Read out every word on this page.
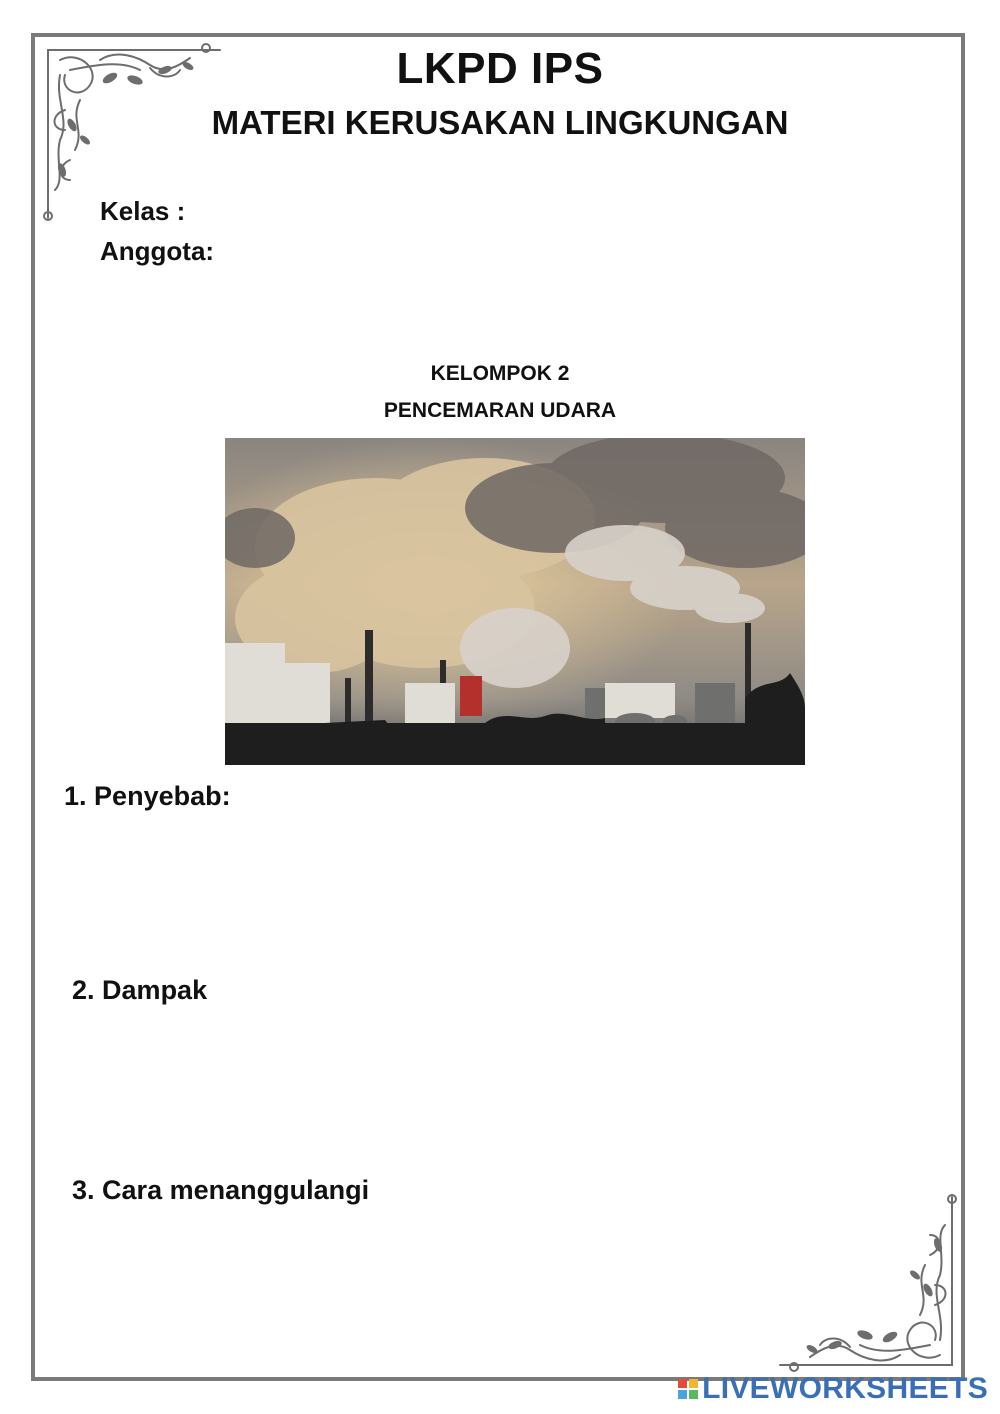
LKPD IPS
MATERI KERUSAKAN LINGKUNGAN
Kelas :
Anggota:
KELOMPOK 2
PENCEMARAN UDARA
1. Penyebab:
2. Dampak
3. Cara menanggulangi
LIVEWORKSHEETS
